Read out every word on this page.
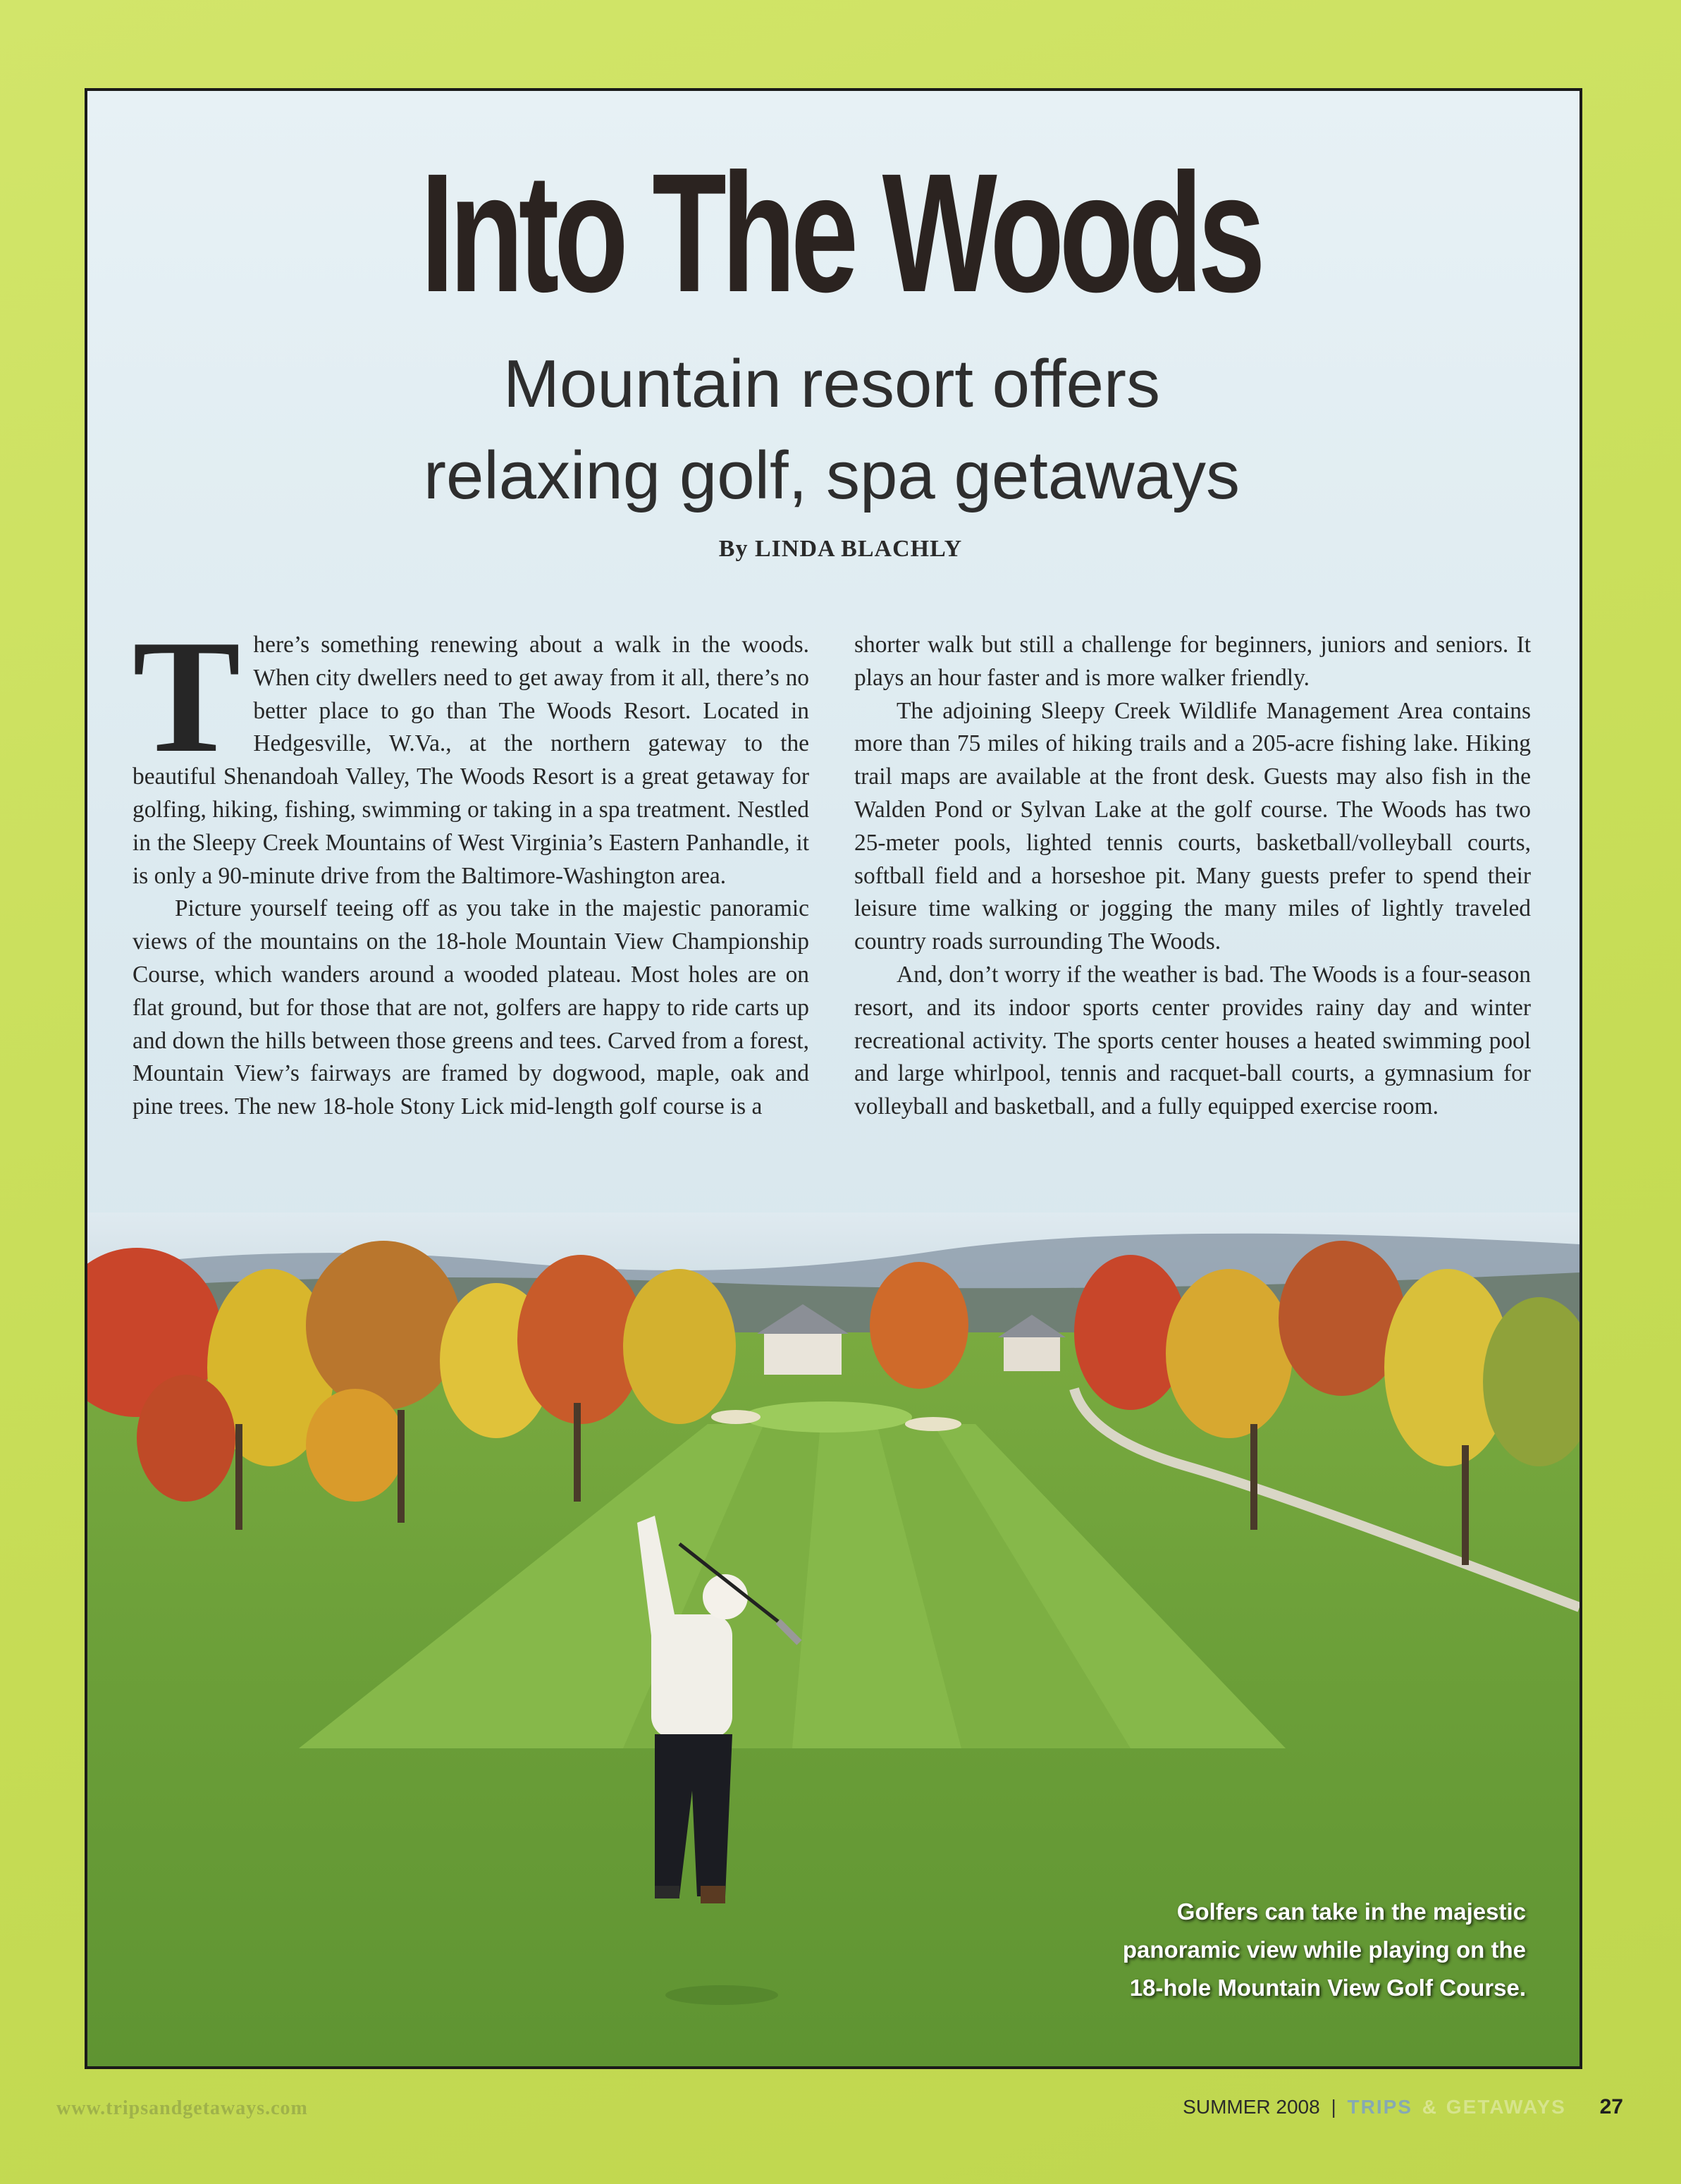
Into The Woods
Mountain resort offers
relaxing golf, spa getaways
By LINDA BLACHLY

There’s something renewing about a walk in the woods. When city dwellers need to get away from it all, there’s no better place to go than The Woods Resort. Located in Hedgesville, W.Va., at the northern gateway to the beautiful Shenandoah Valley, The Woods Resort is a great getaway for golfing, hiking, fishing, swimming or taking in a spa treatment. Nestled in the Sleepy Creek Mountains of West Virginia’s Eastern Panhandle, it is only a 90-minute drive from the Baltimore-Washington area.

Picture yourself teeing off as you take in the majestic panoramic views of the mountains on the 18-hole Mountain View Championship Course, which wanders around a wooded plateau. Most holes are on flat ground, but for those that are not, golfers are happy to ride carts up and down the hills between those greens and tees. Carved from a forest, Mountain View’s fairways are framed by dogwood, maple, oak and pine trees. The new 18-hole Stony Lick mid-length golf course is a

shorter walk but still a challenge for beginners, juniors and seniors. It plays an hour faster and is more walker friendly.

The adjoining Sleepy Creek Wildlife Management Area contains more than 75 miles of hiking trails and a 205-acre fishing lake. Hiking trail maps are available at the front desk. Guests may also fish in the Walden Pond or Sylvan Lake at the golf course. The Woods has two 25-meter pools, lighted tennis courts, basketball/volleyball courts, softball field and a horseshoe pit. Many guests prefer to spend their leisure time walking or jogging the many miles of lightly traveled country roads surrounding The Woods.

And, don’t worry if the weather is bad. The Woods is a four-season resort, and its indoor sports center provides rainy day and winter recreational activity. The sports center houses a heated swimming pool and large whirlpool, tennis and racquet-ball courts, a gymnasium for volleyball and basketball, and a fully equipped exercise room.

Golfers can take in the majestic
panoramic view while playing on the
18-hole Mountain View Golf Course.
www.tripsandgetaways.com	SUMMER 2008 | TRIPS & GETAWAYS 27
